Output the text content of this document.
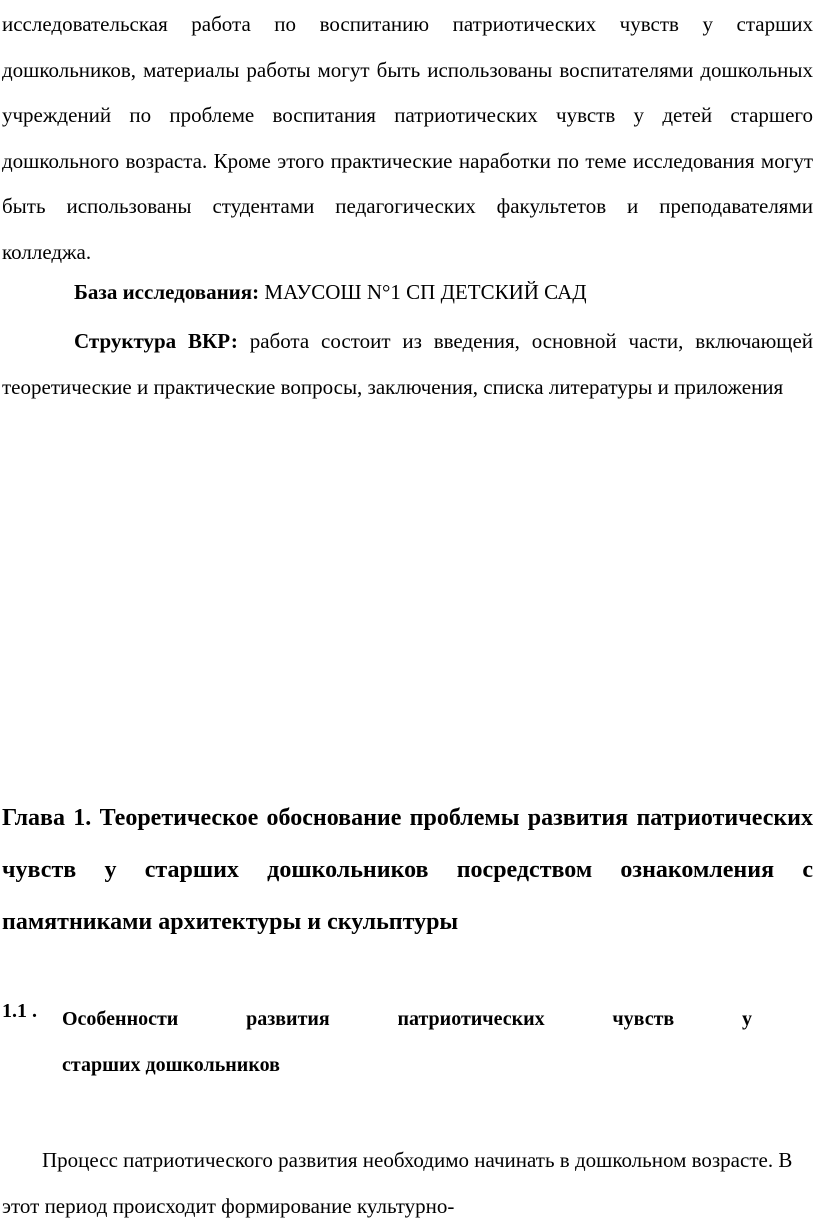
исследовательская работа по воспитанию патриотических чувств у старших дошкольников, материалы работы могут быть использованы воспитателями дошкольных учреждений по проблеме воспитания патриотических чувств у детей старшего дошкольного возраста. Кроме этого практические наработки по теме исследования могут быть использованы студентами педагогических факультетов и преподавателями колледжа.

База исследования: МАУСОШ N°1 СП ДЕТСКИЙ САД

Структура ВКР: работа состоит из введения, основной части, включающей теоретические и практические вопросы, заключения, списка литературы и приложения

Глава 1. Теоретическое обоснование проблемы развития патриотических чувств у старших дошкольников посредством ознакомления с памятниками архитектуры и скульптуры
1.1 . Особенности	развития	патриотических	чувств	у
старших дошкольников

Процесс патриотического развития необходимо начинать в дошкольном возрасте. В этот период происходит формирование культурно-
